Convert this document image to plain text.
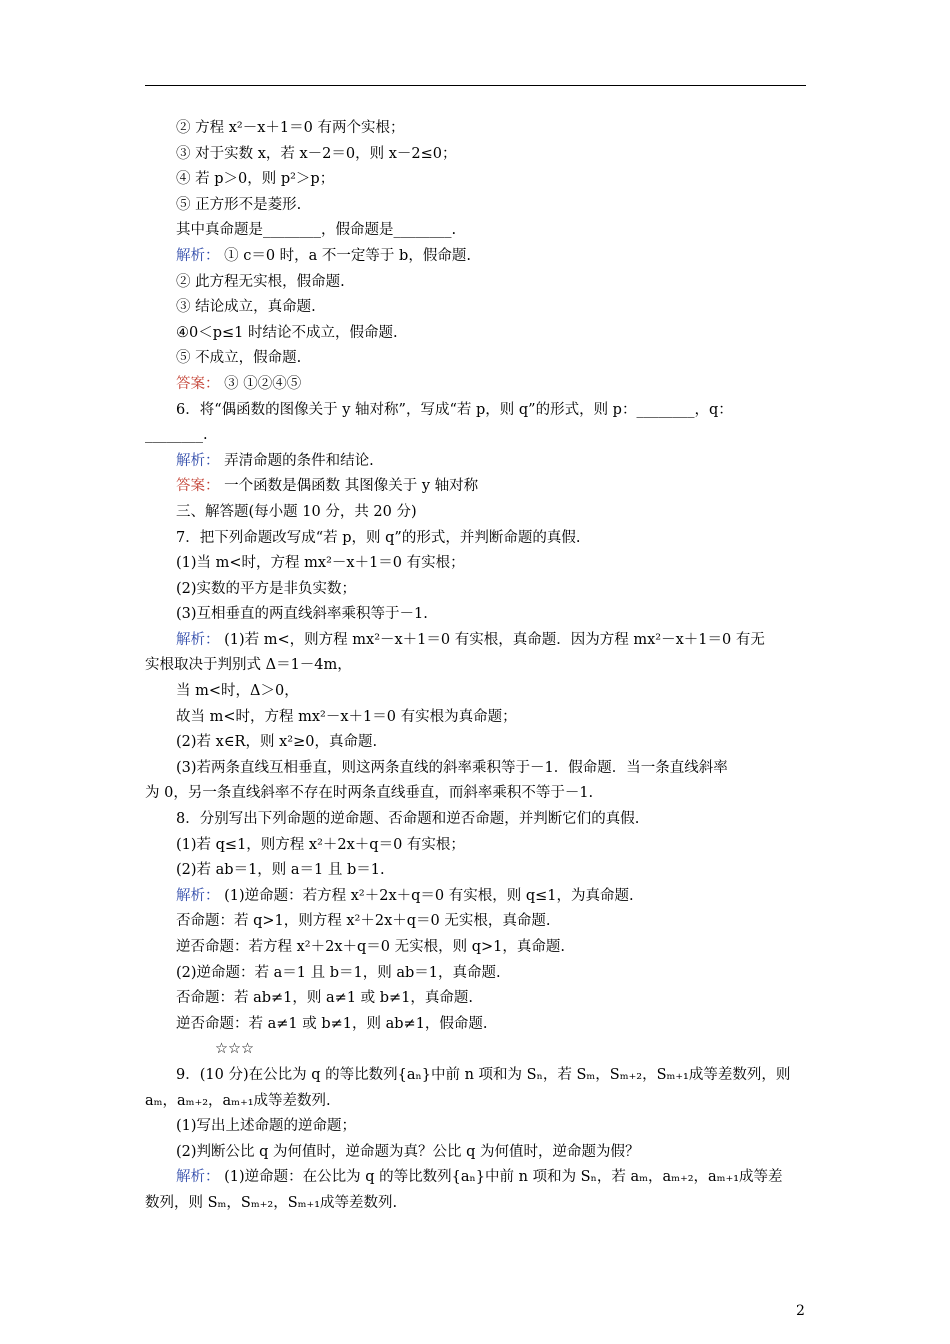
② 方程 x²－x＋1＝0 有两个实根；
③ 对于实数 x，若 x－2＝0，则 x－2≤0；
④ 若 p＞0，则 p²＞p；
⑤ 正方形不是菱形.
其中真命题是________，假命题是________.
解析： ① c＝0 时，a 不一定等于 b，假命题.
② 此方程无实根，假命题.
③ 结论成立，真命题.
④0＜p≤1 时结论不成立，假命题.
⑤ 不成立，假命题.
答案： ③ ①②④⑤
6．将“偶函数的图像关于 y 轴对称”，写成“若 p，则 q”的形式，则 p：________，q：
________.
解析： 弄清命题的条件和结论.
答案： 一个函数是偶函数 其图像关于 y 轴对称
三、解答题(每小题 10 分，共 20 分)
7．把下列命题改写成“若 p，则 q”的形式，并判断命题的真假.
(1)当 m<时，方程 mx²－x＋1＝0 有实根；
(2)实数的平方是非负实数；
(3)互相垂直的两直线斜率乘积等于－1.
解析： (1)若 m<，则方程 mx²－x＋1＝0 有实根，真命题．因为方程 mx²－x＋1＝0 有无
实根取决于判别式 Δ＝1－4m，
当 m<时，Δ＞0，
故当 m<时，方程 mx²－x＋1＝0 有实根为真命题；
(2)若 x∈R，则 x²≥0，真命题.
(3)若两条直线互相垂直，则这两条直线的斜率乘积等于－1．假命题．当一条直线斜率
为 0，另一条直线斜率不存在时两条直线垂直，而斜率乘积不等于－1.
8．分别写出下列命题的逆命题、否命题和逆否命题，并判断它们的真假.
(1)若 q≤1，则方程 x²＋2x＋q＝0 有实根；
(2)若 ab＝1，则 a＝1 且 b＝1.
解析： (1)逆命题：若方程 x²＋2x＋q＝0 有实根，则 q≤1，为真命题.
否命题：若 q>1，则方程 x²＋2x＋q＝0 无实根，真命题.
逆否命题：若方程 x²＋2x＋q＝0 无实根，则 q>1，真命题.
(2)逆命题：若 a＝1 且 b＝1，则 ab＝1，真命题.
否命题：若 ab≠1，则 a≠1 或 b≠1，真命题.
逆否命题：若 a≠1 或 b≠1，则 ab≠1，假命题.
☆☆☆
9．(10 分)在公比为 q 的等比数列{aₙ}中前 n 项和为 Sₙ，若 Sₘ，Sₘ₊₂，Sₘ₊₁成等差数列，则
aₘ，aₘ₊₂，aₘ₊₁成等差数列.
(1)写出上述命题的逆命题；
(2)判断公比 q 为何值时，逆命题为真？公比 q 为何值时，逆命题为假？
解析： (1)逆命题：在公比为 q 的等比数列{aₙ}中前 n 项和为 Sₙ，若 aₘ，aₘ₊₂，aₘ₊₁成等差
数列，则 Sₘ，Sₘ₊₂，Sₘ₊₁成等差数列.
2
